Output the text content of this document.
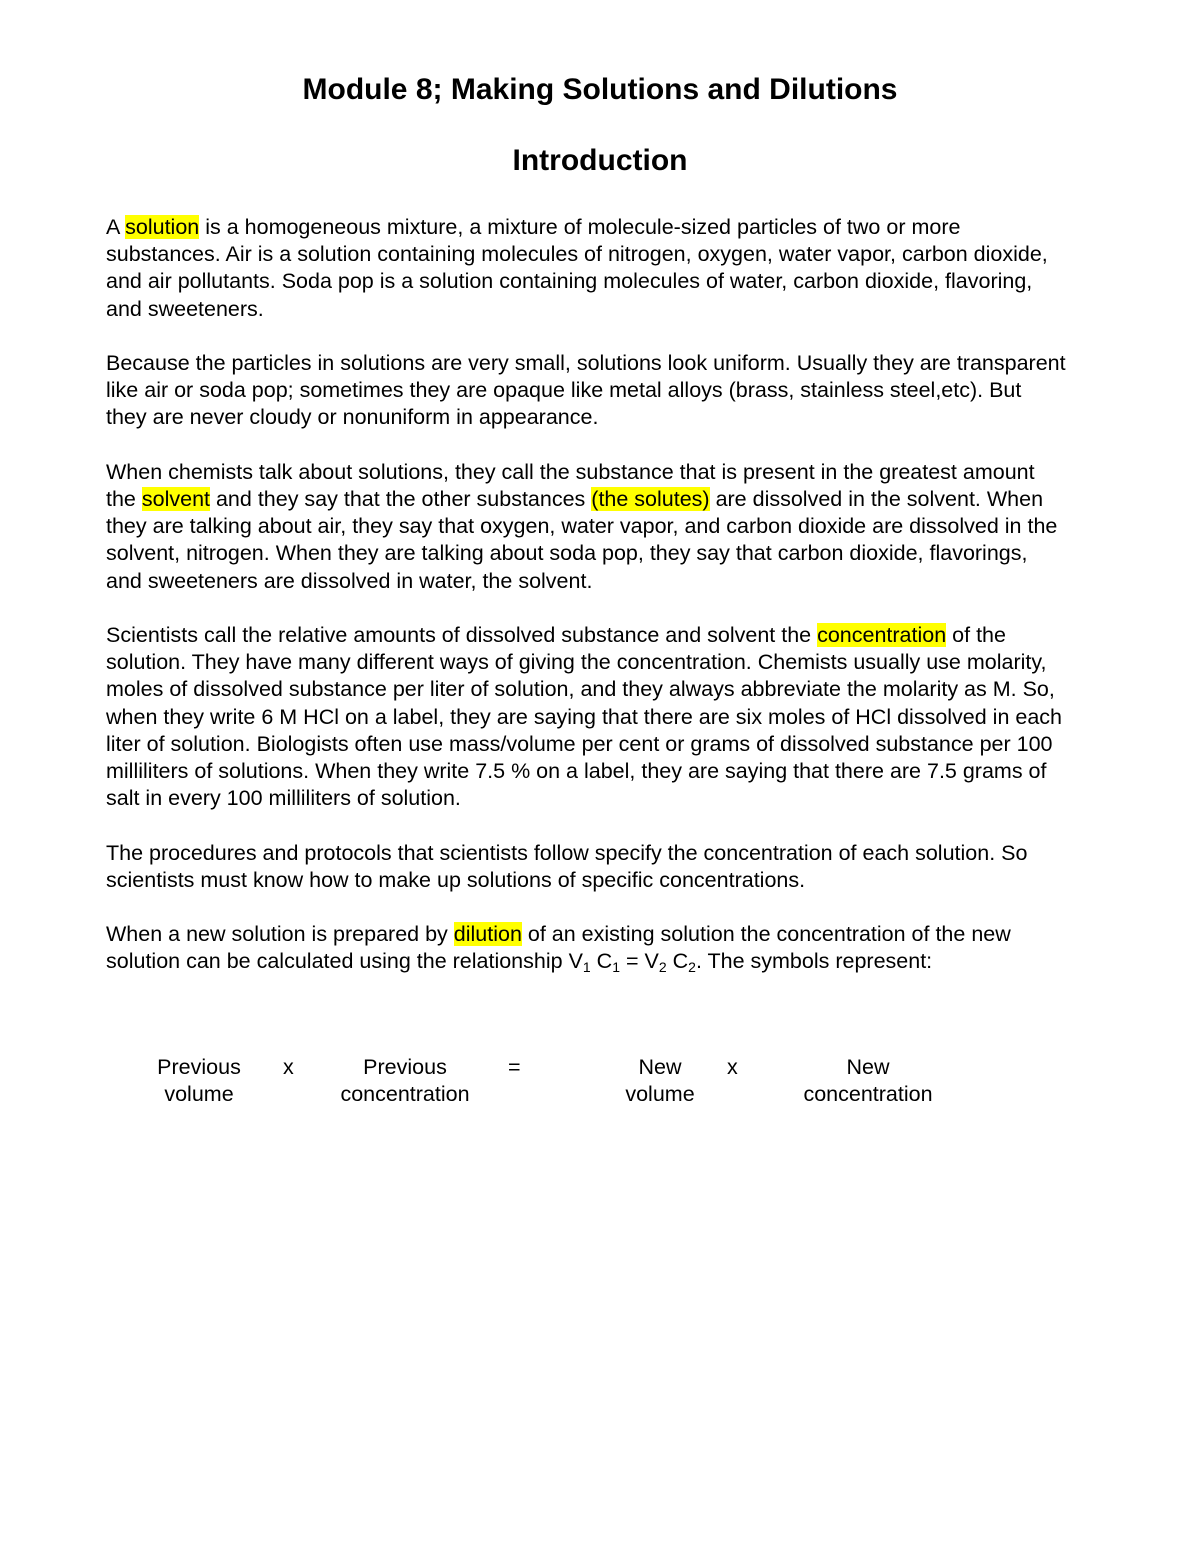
Module 8; Making Solutions and Dilutions
Introduction

A solution is a homogeneous mixture, a mixture of molecule-sized particles of two or more substances. Air is a solution containing molecules of nitrogen, oxygen, water vapor, carbon dioxide, and air pollutants. Soda pop is a solution containing molecules of water, carbon dioxide, flavoring, and sweeteners.

Because the particles in solutions are very small, solutions look uniform. Usually they are transparent like air or soda pop; sometimes they are opaque like metal alloys (brass, stainless steel,etc). But they are never cloudy or nonuniform in appearance.

When chemists talk about solutions, they call the substance that is present in the greatest amount the solvent and they say that the other substances (the solutes) are dissolved in the solvent. When they are talking about air, they say that oxygen, water vapor, and carbon dioxide are dissolved in the solvent, nitrogen. When they are talking about soda pop, they say that carbon dioxide, flavorings, and sweeteners are dissolved in water, the solvent.

Scientists call the relative amounts of dissolved substance and solvent the concentration of the solution. They have many different ways of giving the concentration. Chemists usually use molarity, moles of dissolved substance per liter of solution, and they always abbreviate the molarity as M. So, when they write 6 M HCl on a label, they are saying that there are six moles of HCl dissolved in each liter of solution. Biologists often use mass/volume per cent or grams of dissolved substance per 100 milliliters of solutions. When they write 7.5 % on a label, they are saying that there are 7.5 grams of salt in every 100 milliliters of solution.

The procedures and protocols that scientists follow specify the concentration of each solution. So scientists must know how to make up solutions of specific concentrations.

When a new solution is prepared by dilution of an existing solution the concentration of the new solution can be calculated using the relationship $V_1$ $C_1 = V_2$ $C_2$. The symbols represent:

Previous
volume
x	Previous
concentration
=	New
volume
x	New
concentration
